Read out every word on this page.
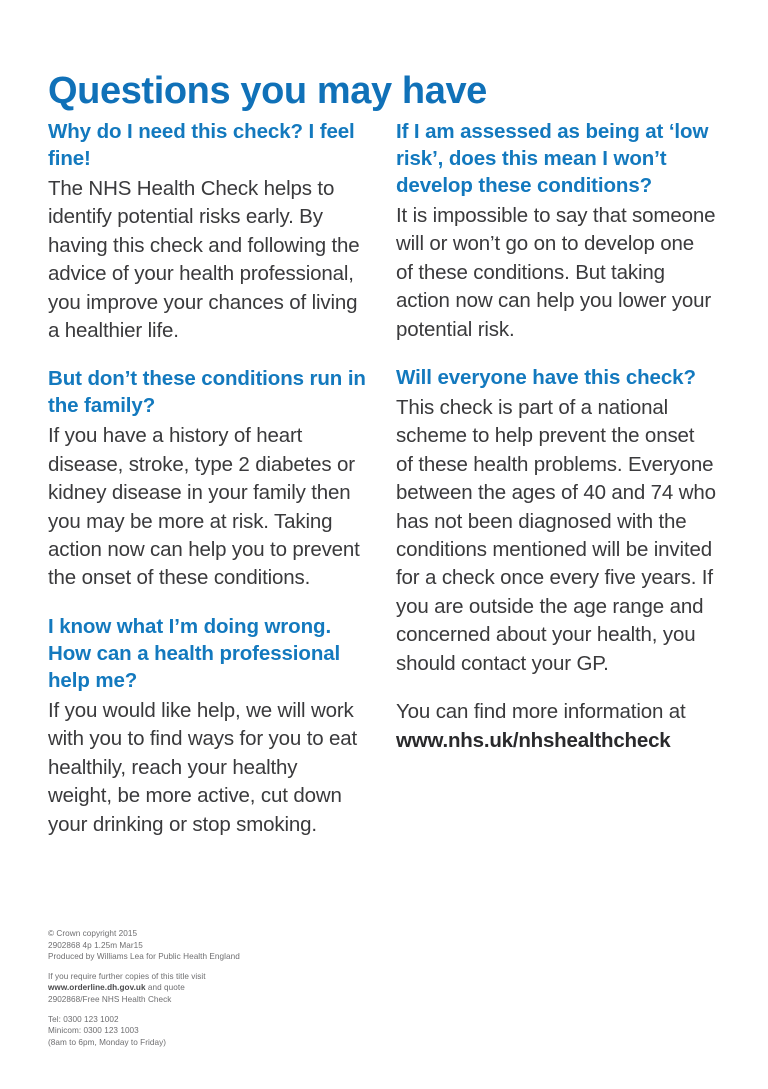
Questions you may have
Why do I need this check? I feel fine!

The NHS Health Check helps to identify potential risks early. By having this check and following the advice of your health professional, you improve your chances of living a healthier life.

But don’t these conditions run in the family?

If you have a history of heart disease, stroke, type 2 diabetes or kidney disease in your family then you may be more at risk. Taking action now can help you to prevent the onset of these conditions.

I know what I’m doing wrong. How can a health professional help me?

If you would like help, we will work with you to find ways for you to eat healthily, reach your healthy weight, be more active, cut down your drinking or stop smoking.

If I am assessed as being at ‘low risk’, does this mean I won’t develop these conditions?

It is impossible to say that someone will or won’t go on to develop one of these conditions. But taking action now can help you lower your potential risk.

Will everyone have this check?

This check is part of a national scheme to help prevent the onset of these health problems. Everyone between the ages of 40 and 74 who has not been diagnosed with the conditions mentioned will be invited for a check once every five years. If you are outside the age range and concerned about your health, you should contact your GP.

You can find more information at
www.nhs.uk/nhshealthcheck

© Crown copyright 2015
2902868 4p 1.25m Mar15
Produced by Williams Lea for Public Health England
If you require further copies of this title visit
www.orderline.dh.gov.uk and quote
2902868/Free NHS Health Check
Tel: 0300 123 1002
Minicom: 0300 123 1003
(8am to 6pm, Monday to Friday)
